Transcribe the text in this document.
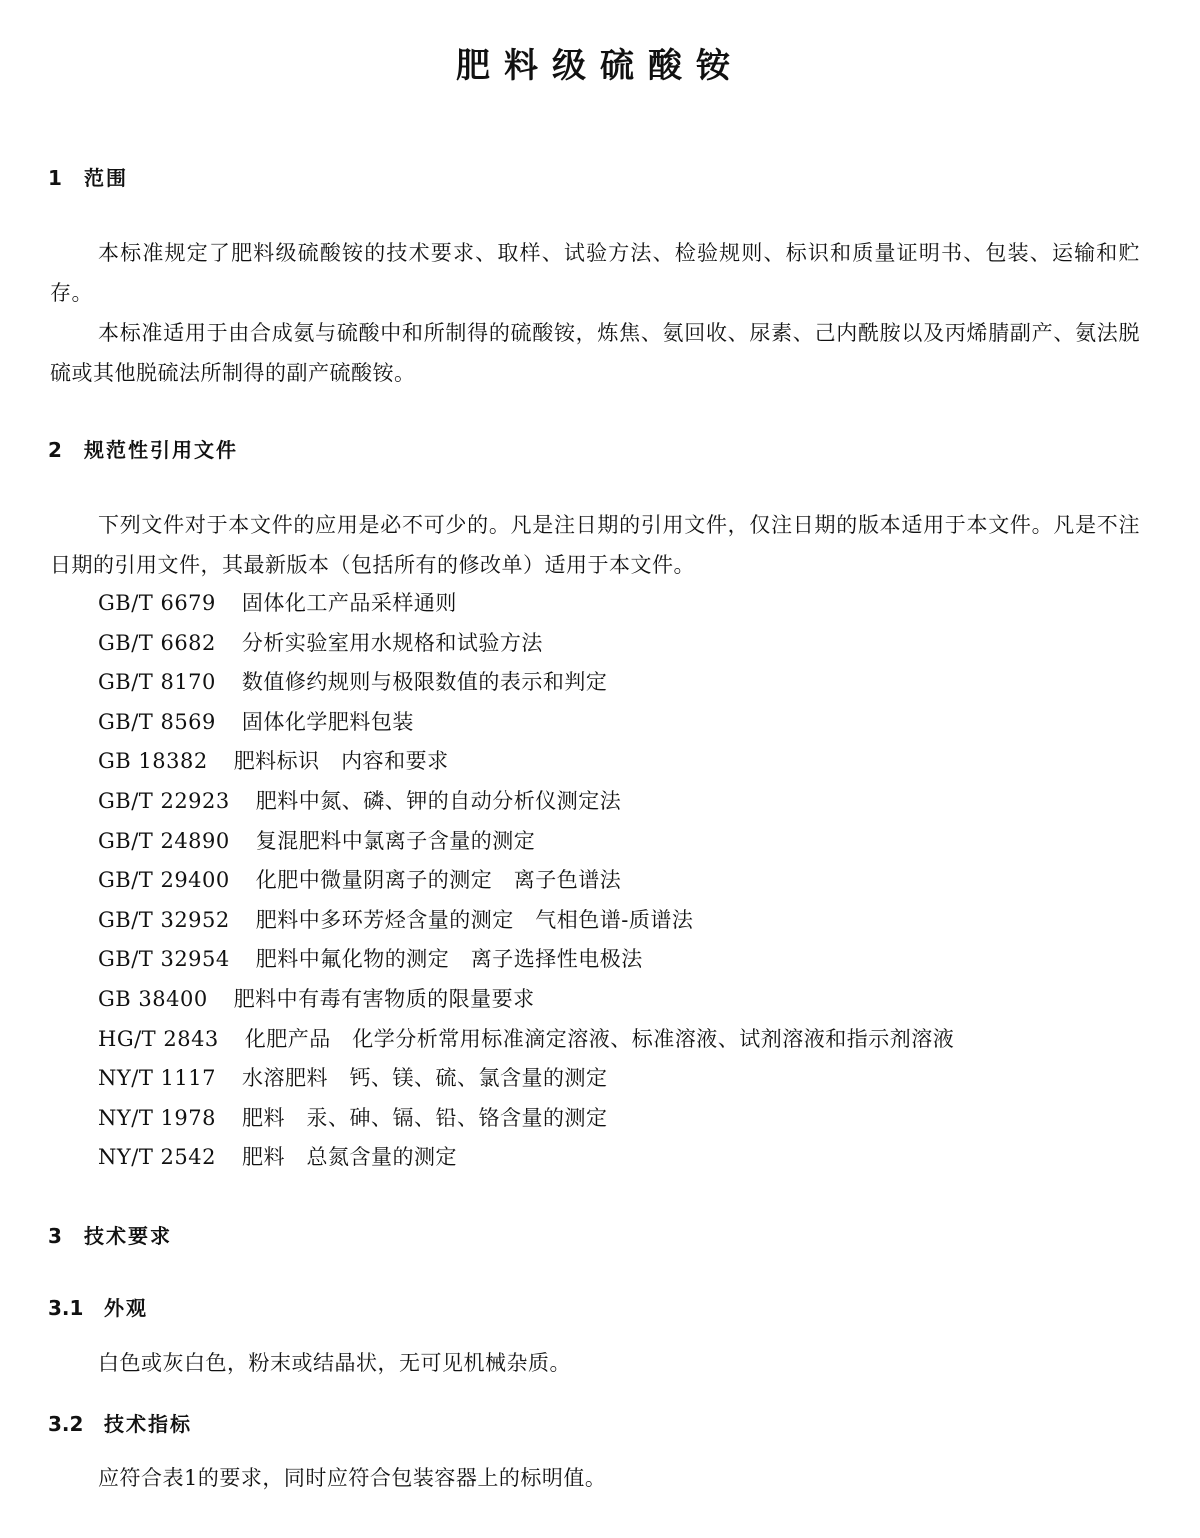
肥料级硫酸铵
1 范围

本标准规定了肥料级硫酸铵的技术要求、取样、试验方法、检验规则、标识和质量证明书、包装、运输和贮存。

本标准适用于由合成氨与硫酸中和所制得的硫酸铵，炼焦、氨回收、尿素、己内酰胺以及丙烯腈副产、氨法脱硫或其他脱硫法所制得的副产硫酸铵。

2 规范性引用文件

下列文件对于本文件的应用是必不可少的。凡是注日期的引用文件，仅注日期的版本适用于本文件。凡是不注日期的引用文件，其最新版本（包括所有的修改单）适用于本文件。

GB/T 6679 固体化工产品采样通则
GB/T 6682 分析实验室用水规格和试验方法
GB/T 8170 数值修约规则与极限数值的表示和判定
GB/T 8569 固体化学肥料包装
GB 18382 肥料标识　内容和要求
GB/T 22923 肥料中氮、磷、钾的自动分析仪测定法
GB/T 24890 复混肥料中氯离子含量的测定
GB/T 29400 化肥中微量阴离子的测定　离子色谱法
GB/T 32952 肥料中多环芳烃含量的测定　气相色谱-质谱法
GB/T 32954 肥料中氟化物的测定　离子选择性电极法
GB 38400 肥料中有毒有害物质的限量要求
HG/T 2843 化肥产品　化学分析常用标准滴定溶液、标准溶液、试剂溶液和指示剂溶液
NY/T 1117 水溶肥料　钙、镁、硫、氯含量的测定
NY/T 1978 肥料　汞、砷、镉、铅、铬含量的测定
NY/T 2542 肥料　总氮含量的测定
3 技术要求
3.1 外观

白色或灰白色，粉末或结晶状，无可见机械杂质。

3.2 技术指标

应符合表1的要求，同时应符合包装容器上的标明值。
